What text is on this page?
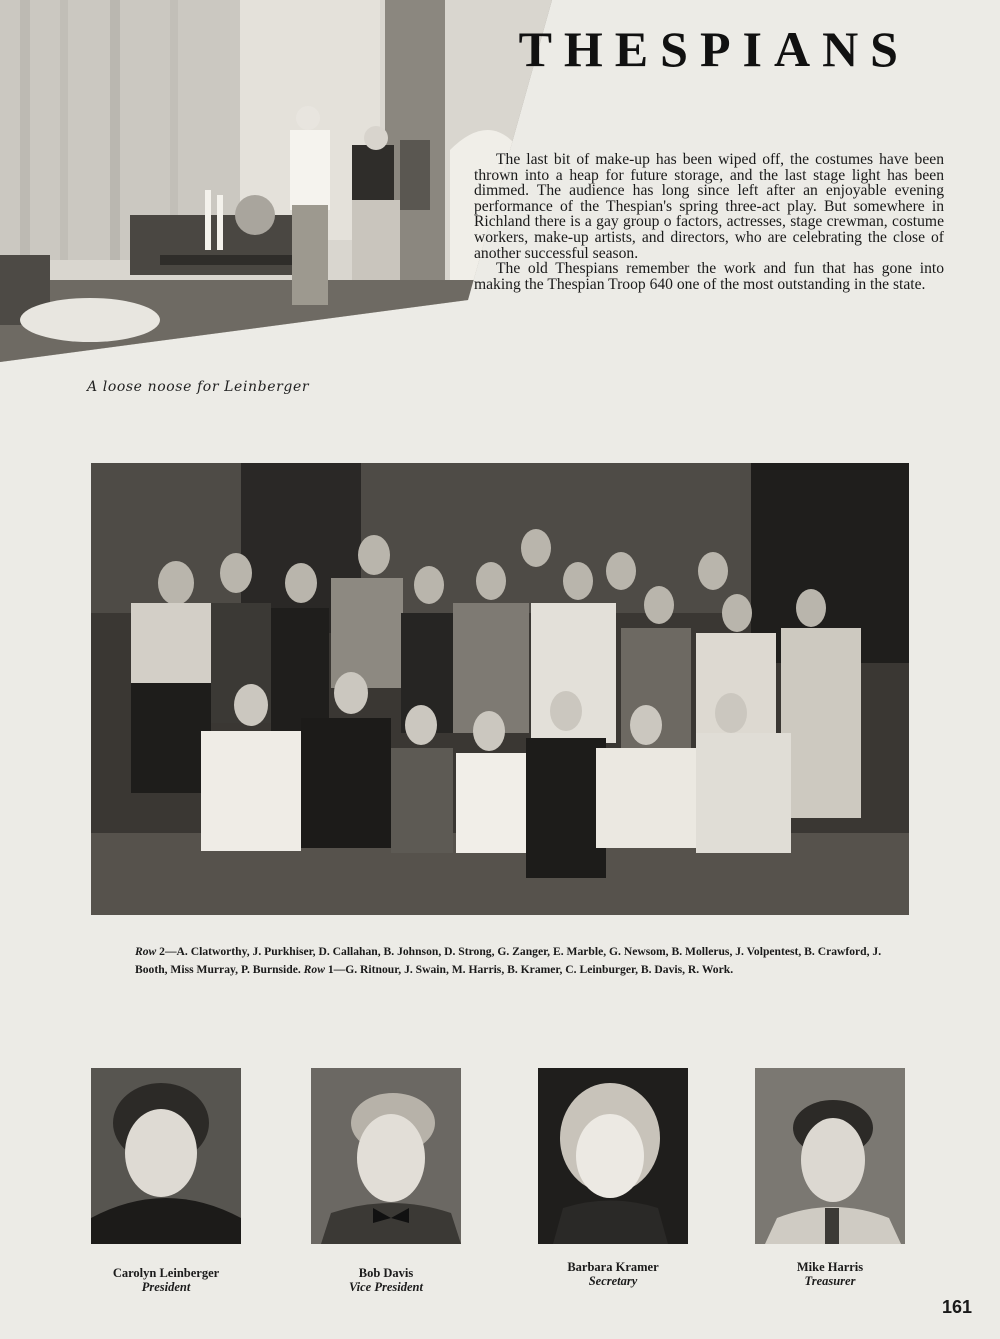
A loose noose for Leinberger
THESPIANS

The last bit of make-up has been wiped off, the costumes have been thrown into a heap for future storage, and the last stage light has been dimmed. The audience has long since left after an enjoyable evening performance of the Thespian's spring three-act play. But somewhere in Richland there is a gay group o factors, actresses, stage crewman, costume workers, make-up artists, and directors, who are celebrating the close of another successful season.

The old Thespians remember the work and fun that has gone into making the Thespian Troop 640 one of the most outstanding in the state.

Row 2—A. Clatworthy, J. Purkhiser, D. Callahan, B. Johnson, D. Strong, G. Zanger, E. Marble, G. Newsom, B. Mollerus, J. Volpentest, B. Crawford, J. Booth, Miss Murray, P. Burnside. Row 1—G. Ritnour, J. Swain, M. Harris, B. Kramer, C. Leinburger, B. Davis, R. Work.
Carolyn Leinberger
President
Bob Davis
Vice President
Barbara Kramer
Secretary
Mike Harris
Treasurer
161
